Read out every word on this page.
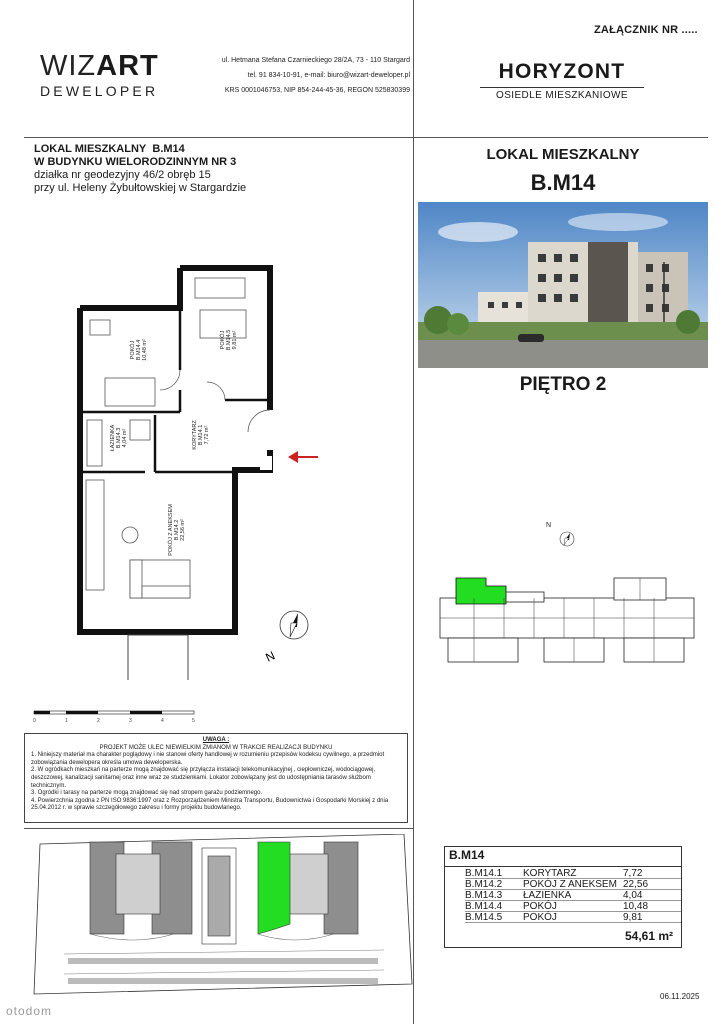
ZAŁĄCZNIK NR .....
WIZART
DEWELOPER
ul. Hetmana Stefana Czarnieckiego 28/2A, 73 - 110 Stargard
tel. 91 834-10-91, e-mail: biuro@wizart-deweloper.pl
KRS 0001046753, NIP 854-244-45-36, REGON 525830399
HORYZONT
OSIEDLE MIESZKANIOWE
LOKAL MIESZKALNY B.M14
W BUDYNKU WIELORODZINNYM NR 3
działka nr geodezyjny 46/2 obręb 15
przy ul. Heleny Żybułtowskiej w Stargardzie
LOKAL MIESZKALNY
B.M14
PIĘTRO 2
N
POKÓJB.M14.410,48 m²	POKÓJB.M14.59,81 m²
ŁAZIENKAB.M14.34,04 m²	KORYTARZB.M14.17,72 m²
POKÓJ Z ANEKSEMB.M14.222,56 m²
0	1	2	3	4	5
UWAGA :
PROJEKT MOŻE ULEC NIEWIELKIM ZMIANOM W TRAKCIE REALIZACJI BUDYNKU
1. Niniejszy materiał ma charakter poglądowy i nie stanowi oferty handlowej w rozumieniu przepisów kodeksu cywilnego, a przedmiot
zobowiązania dewelopera określa umowa deweloperska.
2. W ogródkach mieszkań na parterze mogą znajdować się przyłącza instalacji telekomunikacyjnej , ciepłowniczej, wodociągowej,
deszczowej, kanalizacji sanitarnej oraz inne wraz ze studzienkami. Lokator zobowiązany jest do udostępniania tarasów służbom
technicznym.
3. Ogródki i tarasy na parterze mogą znajdować się nad stropem garażu podziemnego.
4. Powierzchnia zgodna z PN ISO 9836:1997 oraz z Rozporządzeniem Ministra Transportu, Budownictwa i Gospodarki Morskiej z dnia
25.04.2012 r. w sprawie szczegółowego zakresu i formy projektu budowlanego.
N
B.M14
B.M14.1	KORYTARZ	7,72
B.M14.2	POKÓJ Z ANEKSEM 22,56
B.M14.3	ŁAZIENKA	4,04
B.M14.4	POKÓJ	10,48
B.M14.5	POKÓJ	9,81
54,61 m²
06.11.2025
otodom
